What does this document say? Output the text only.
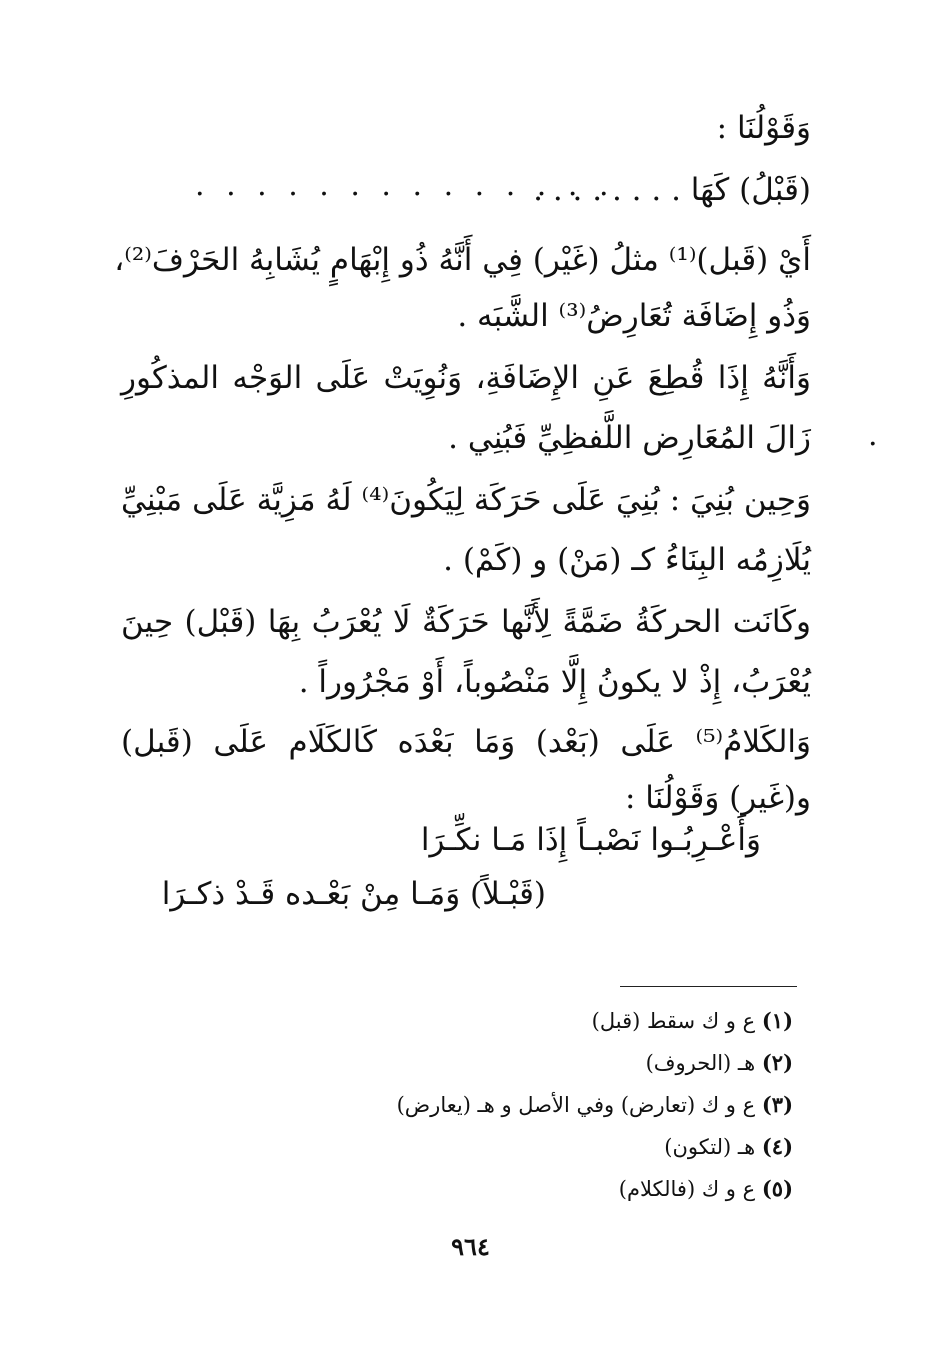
وَقَوْلُنَا :
(قَبْلُ) كَهَا . . . . . . . .
أَيْ (قَبل)⁽¹⁾ مثلُ (غَيْر) فِي أَنَّهُ ذُو إِبْهَامٍ يُشَابِهُ الحَرْفَ⁽²⁾،
وَذُو إِضَافَة تُعَارِضُ⁽³⁾ الشَّبَه .
وَأَنَّهُ إِذَا قُطِعَ عَنِ الإِضَافَةِ، وَنُوِيَتْ عَلَى الوَجْه المذكُورِ
زَالَ المُعَارِض اللَّفظِيِّ فَبُنِي .
وَحِين بُنِيَ : بُنِيَ عَلَى حَرَكَة لِيَكُونَ⁽⁴⁾ لَهُ مَزِيَّة عَلَى مَبْنِيِّ
يُلَازِمُه البِنَاءُ كـ (مَنْ) و (كَمْ) .
وكَانَت الحركَةُ ضَمَّةً لِأَنَّها حَرَكَةٌ لَا يُعْرَبُ بِهَا (قَبْل) حِينَ
يُعْرَبُ، إِذْ لا يكونُ إِلَّا مَنْصُوباً، أَوْ مَجْرُوراً .
وَالكَلامُ⁽⁵⁾ عَلَى (بَعْد) وَمَا بَعْدَه كَالكَلَام عَلَى (قَبل)
و(غَير) وَقَوْلُنَا :
. . . . . . . . . . . . . .
.
وَأَعْـرِبُـوا نَصْبـاً إِذَا مَـا نكِّـرَا
(قَبْـلاً) وَمَـا مِنْ بَعْـده قَـدْ ذكـرَا
(١) ع و ك سقط (قبل)
(٢) هـ (الحروف)
(٣) ع و ك (تعارض) وفي الأصل و هـ (يعارض)
(٤) هـ (لتكون)
(٥) ع و ك (فالكلام)
٩٦٤
